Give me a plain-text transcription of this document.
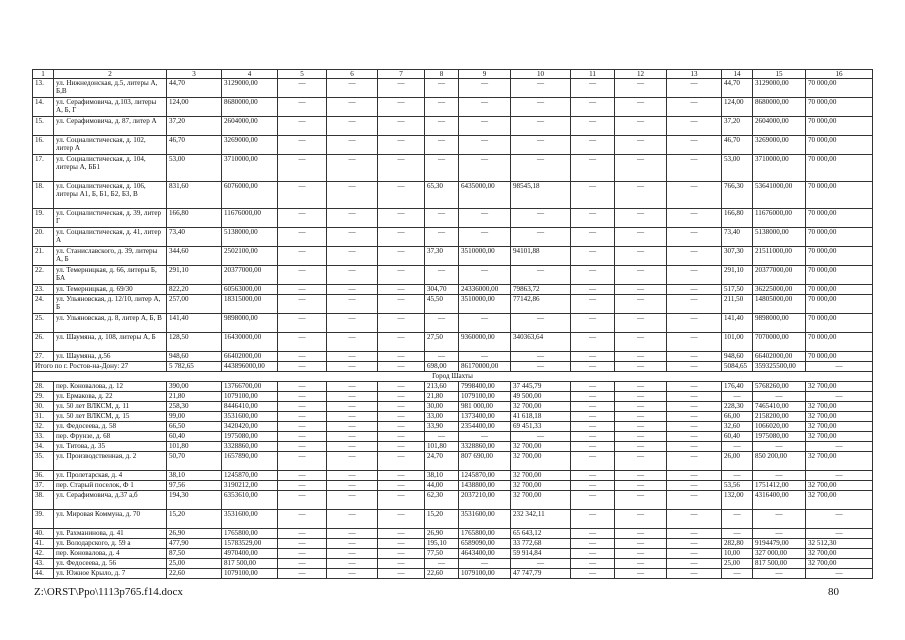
1	2	3	4	5	6	7	8	9	10	11	12	13	14	15	16
13.	ул. Нижнедонская, д.5, литеры А, Б,В	44,70	3129000,00	—	—	—	—	—	—	—	—	—	44,70	3129000,00	70 000,00
14.	ул. Серафимовича, д.103, литеры А, Б, Г	124,00	8680000,00	—	—	—	—	—	—	—	—	—	124,00	8680000,00	70 000,00
15.	ул. Серафимовича, д. 87, литер А	37,20	2604000,00	—	—	—	—	—	—	—	—	—	37,20	2604000,00	70 000,00
16.	ул. Социалистическая, д. 102, литер А	46,70	3269000,00	—	—	—	—	—	—	—	—	—	46,70	3269000,00	70 000,00
17.	ул. Социалистическая, д. 104, литеры А, ББ1	53,00	3710000,00	—	—	—	—	—	—	—	—	—	53,00	3710000,00	70 000,00
18.	ул. Социалистическая, д. 106, литеры А1, Б, Б1, Б2, Б3, В	831,60	6076000,00	—	—	—	65,30	6435000,00	98545,18	—	—	—	766,30	53641000,00	70 000,00
19.	ул. Социалистическая, д. 39, литер Г	166,80	11676000,00	—	—	—	—	—	—	—	—	—	166,80	11676000,00	70 000,00
20.	ул. Социалистическая, д. 41, литер А	73,40	5138000,00	—	—	—	—	—	—	—	—	—	73,40	5138000,00	70 000,00
21.	ул. Станиславского, д. 39, литеры А, Б	344,60	2502100,00	—	—	—	37,30	3510000,00	94101,88	—	—	—	307,30	21511000,00	70 000,00
22.	ул. Темерницкая, д. 66, литеры Б, БА	291,10	20377000,00	—	—	—	—	—	—	—	—	—	291,10	20377000,00	70 000,00
23.	ул. Темерницкая, д. 69/30	822,20	60563000,00	—	—	—	304,70	24336000,00	79863,72	—	—	—	517,50	36225000,00	70 000,00
24.	ул. Ульяновская, д. 12/10, литер А, Б	257,00	18315000,00	—	—	—	45,50	3510000,00	77142,86	—	—	—	211,50	14805000,00	70 000,00
25.	ул. Ульяновская, д. 8, литер А, Б, В	141,40	9898000,00	—	—	—	—	—	—	—	—	—	141,40	9898000,00	70 000,00
26.	ул. Шаумяна, д. 108, литеры А, Б	128,50	16430000,00	—	—	—	27,50	9360000,00	340363,64	—	—	—	101,00	7070000,00	70 000,00
27.	ул. Шаумяна, д.56	948,60	66402000,00	—	—	—	—	—	—	—	—	—	948,60	66402000,00	70 000,00
Итого по г. Ростов-на-Дону: 27		5 782,65	443896000,00	—	—	—	698,00	86170000,00	—	—	—	—	5084,65	359325500,00	—
Город Шахты															
28.	пер. Коновалова, д. 12	390,00	13766700,00	—	—	—	213,60	7998400,00	37 445,79	—	—	—	176,40	5768260,00	32 700,00
29.	ул. Ермакова, д. 22	21,80	1079100,00	—	—	—	21,80	1079100,00	49 500,00	—	—	—	—	—	—
30.	ул. 50 лет ВЛКСМ, д. 11	258,30	8446410,00	—	—	—	30,00	981 000,00	32 700,00	—	—	—	228,30	7465410,00	32 700,00
31.	ул. 50 лет ВЛКСМ, д. 15	99,00	3531600,00	—	—	—	33,00	1373400,00	41 618,18	—	—	—	66,00	2158200,00	32 700,00
32.	ул. Федосеева, д. 58	66,50	3420420,00	—	—	—	33,90	2354400,00	69 451,33	—	—	—	32,60	1066020,00	32 700,00
33.	пер. Фрунзе, д. 68	60,40	1975080,00	—	—	—	—	—	—	—	—	—	60,40	1975080,00	32 700,00
34.	ул. Титова, д. 35	101,80	3328860,00	—	—	—	101,80	3328860,00	32 700,00	—	—	—	—	—	—
35.	ул. Производственная, д. 2	50,70	1657890,00	—	—	—	24,70	807 690,00	32 700,00	—	—	—	26,00	850 200,00	32 700,00
36.	ул. Пролетарская, д. 4	38,10	1245870,00	—	—	—	38,10	1245870,00	32 700,00	—	—	—	—	—	—
37.	пер. Старый поселок, Ф 1	97,56	3190212,00	—	—	—	44,00	1438800,00	32 700,00	—	—	—	53,56	1751412,00	32 700,00
38.	ул. Серафимовича, д.37 а,б	194,30	6353610,00	—	—	—	62,30	2037210,00	32 700,00	—	—	—	132,00	4316400,00	32 700,00
39.	ул. Мировая Коммуна, д. 70	15,20	3531600,00	—	—	—	15,20	3531600,00	232 342,11	—	—	—	—	—	—
40.	ул. Рахманинова, д. 41	26,90	1765800,00	—	—	—	26,90	1765800,00	65 643,12	—	—	—	—	—	—
41.	ул. Володарского, д. 59 а	477,90	15783529,00	—	—	—	195,10	6589090,00	33 772,68	—	—	—	282,80	9194479,00	32 512,30
42.	пер. Коновалова, д. 4	87,50	4970400,00	—	—	—	77,50	4643400,00	59 914,84	—	—	—	10,00	327 000,00	32 700,00
43.	ул. Федосеева, д. 56	25,00	817 500,00	—	—	—	—	—	—	—	—	—	25,00	817 500,00	32 700,00
44.	ул. Южное Крыло, д. 7	22,60	1079100,00	—	—	—	22,60	1079100,00	47 747,79	—	—	—	—	—	—
Z:\ORST\Ppo\1113p765.f14.docx	80
